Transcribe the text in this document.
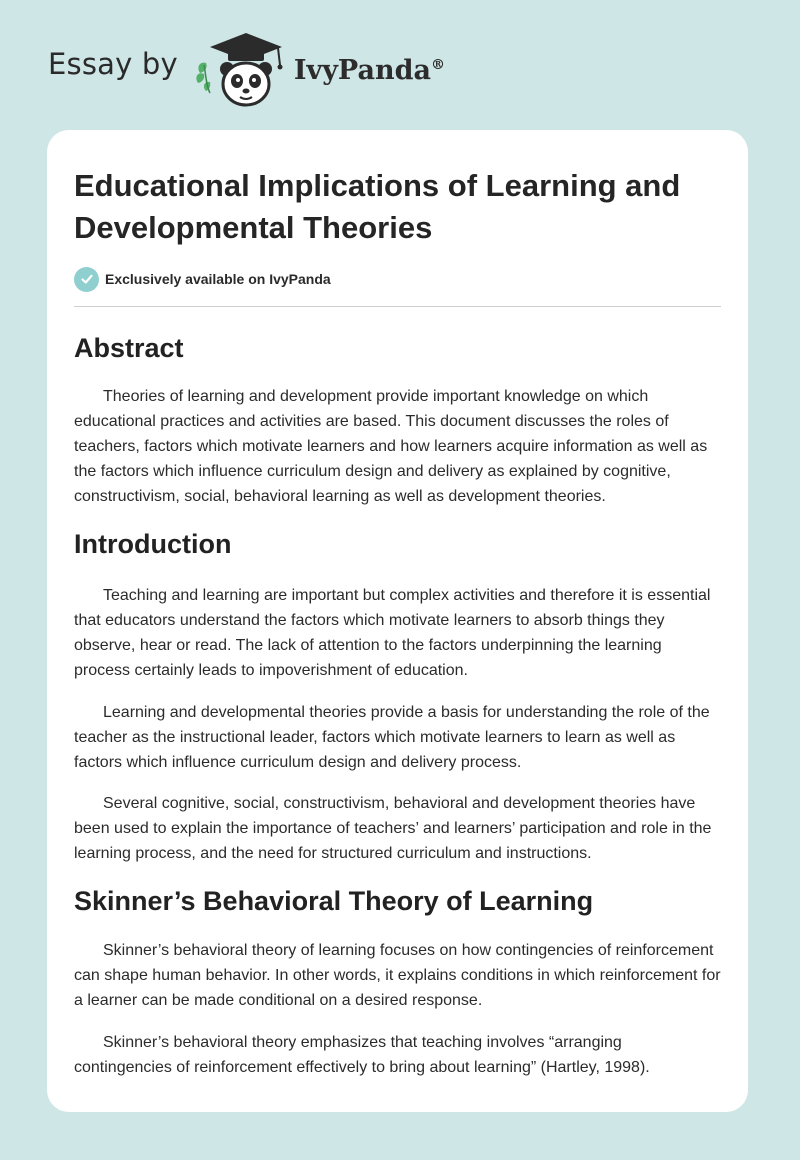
Essay by	IvyPanda®
Educational Implications of Learning and Developmental Theories
Exclusively available on IvyPanda
Abstract

Theories of learning and development provide important knowledge on which educational practices and activities are based. This document discusses the roles of teachers, factors which motivate learners and how learners acquire information as well as the factors which influence curriculum design and delivery as explained by cognitive, constructivism, social, behavioral learning as well as development theories.

Introduction

Teaching and learning are important but complex activities and therefore it is essential that educators understand the factors which motivate learners to absorb things they observe, hear or read. The lack of attention to the factors underpinning the learning process certainly leads to impoverishment of education.

Learning and developmental theories provide a basis for understanding the role of the teacher as the instructional leader, factors which motivate learners to learn as well as factors which influence curriculum design and delivery process.

Several cognitive, social, constructivism, behavioral and development theories have been used to explain the importance of teachers’ and learners’ participation and role in the learning process, and the need for structured curriculum and instructions.

Skinner’s Behavioral Theory of Learning

Skinner’s behavioral theory of learning focuses on how contingencies of reinforcement can shape human behavior. In other words, it explains conditions in which reinforcement for a learner can be made conditional on a desired response.

Skinner’s behavioral theory emphasizes that teaching involves “arranging contingencies of reinforcement effectively to bring about learning” (Hartley, 1998).
